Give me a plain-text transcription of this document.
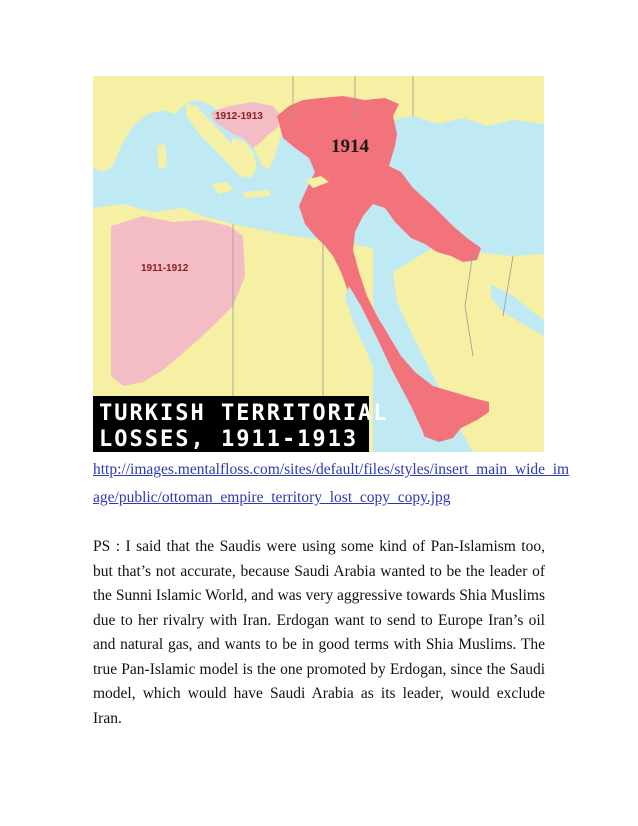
1912-1913
1914
1911-1912
TURKISH TERRITORIAL
LOSSES, 1911-1913

http://images.mentalfloss.com/sites/default/files/styles/insert_main_wide_im

age/public/ottoman_empire_territory_lost_copy_copy.jpg

PS : I said that the Saudis were using some kind of Pan-Islamism too, but that’s not accurate, because Saudi Arabia wanted to be the leader of the Sunni Islamic World, and was very aggressive towards Shia Muslims due to her rivalry with Iran. Erdogan want to send to Europe Iran’s oil and natural gas, and wants to be in good terms with Shia Muslims. The true Pan-Islamic model is the one promoted by Erdogan, since the Saudi model, which would have Saudi Arabia as its leader, would exclude Iran.
